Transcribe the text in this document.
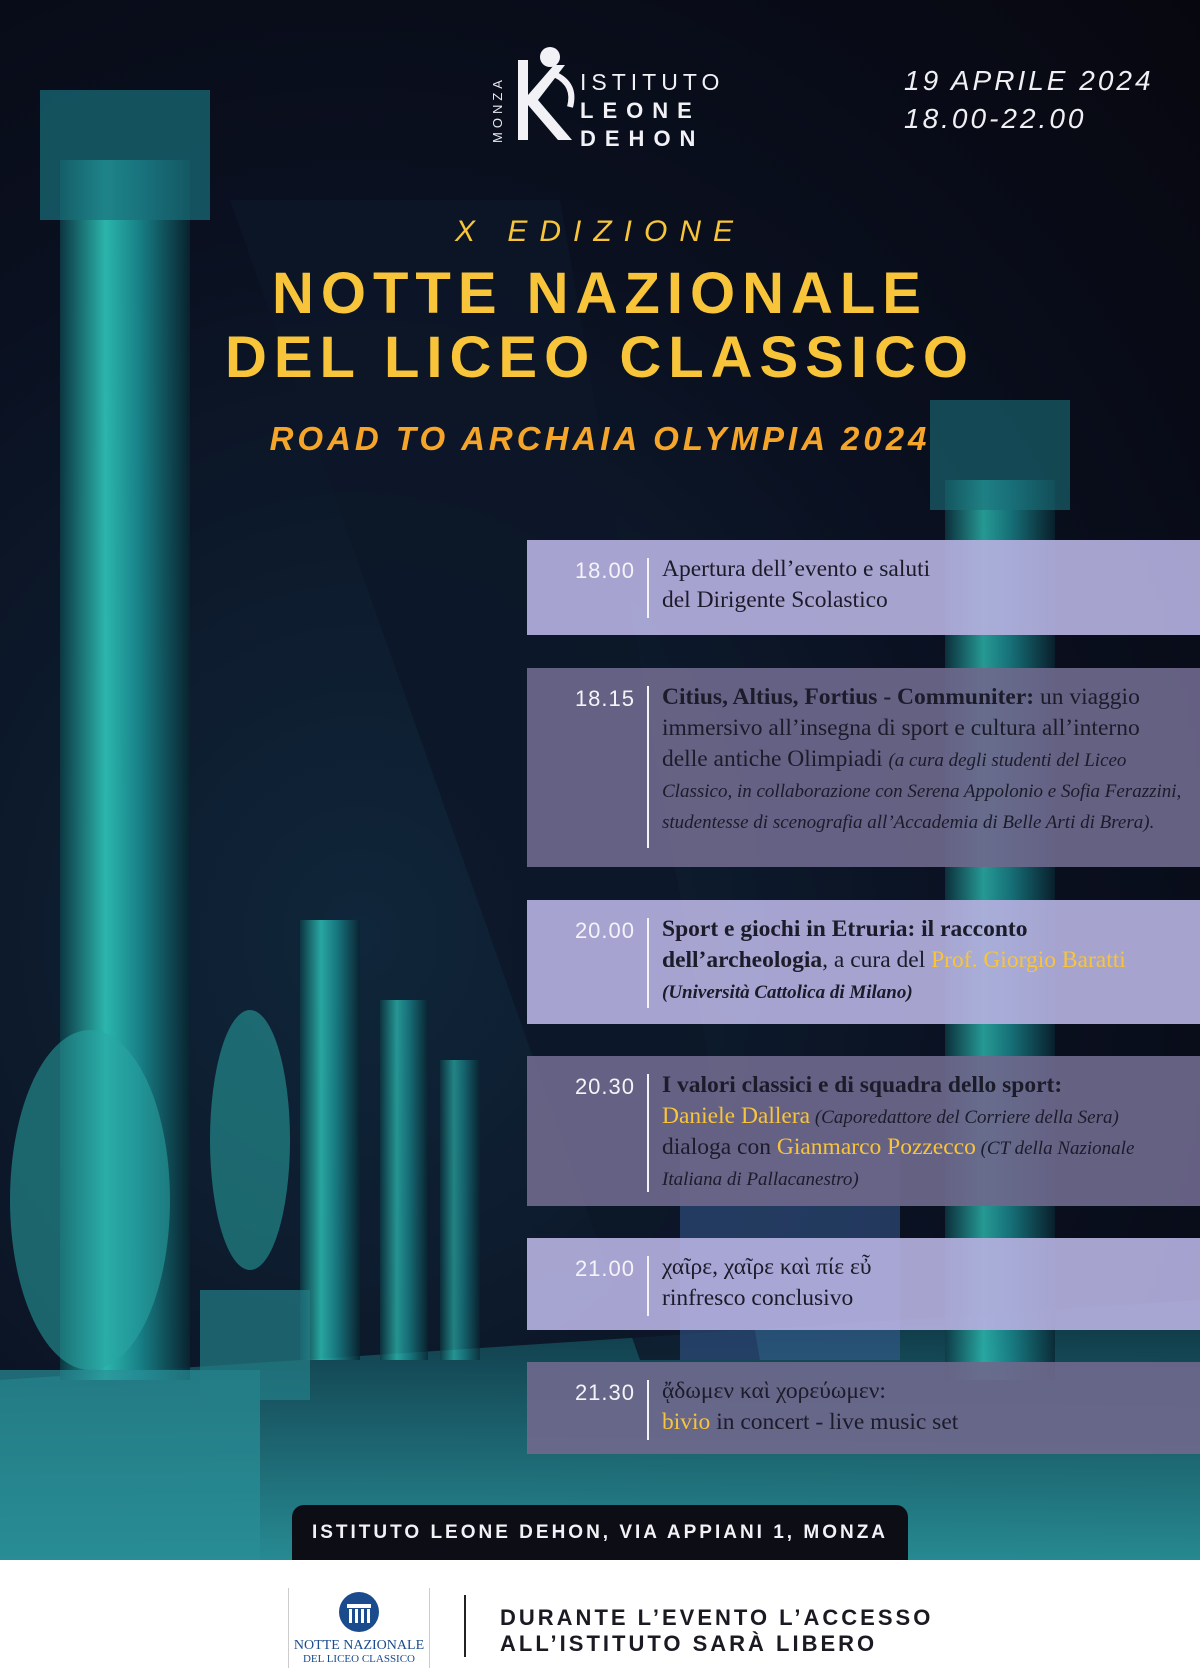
MONZA	ISTITUTO
LEONE
DEHON
19 APRILE 2024
18.00-22.00
X EDIZIONE
NOTTE NAZIONALE
DEL LICEO CLASSICO
ROAD TO ARCHAIA OLYMPIA 2024
18.00 Apertura dell’evento e saluti
del Dirigente Scolastico
18.15 Citius, Altius, Fortius - Communiter: un viaggio immersivo all’insegna di sport e cultura all’interno delle antiche Olimpiadi (a cura degli studenti del Liceo Classico, in collaborazione con Serena Appolonio e Sofia Ferazzini, studentesse di scenografia all’Accademia di Belle Arti di Brera).
20.00 Sport e giochi in Etruria: il racconto dell’archeologia, a cura del Prof. Giorgio Baratti (Università Cattolica di Milano)
20.30 I valori classici e di squadra dello sport:
Daniele Dallera (Caporedattore del Corriere della Sera) dialoga con Gianmarco Pozzecco (CT della Nazionale Italiana di Pallacanestro)
21.00 χαῖρε, χαῖρε καὶ πίε εὖ
rinfresco conclusivo
21.30 ᾄδωμεν καὶ χορεύωμεν:
bivio in concert - live music set
ISTITUTO LEONE DEHON, VIA APPIANI 1, MONZA
NOTTE NAZIONALE
DEL LICEO CLASSICO
DURANTE L’EVENTO L’ACCESSO
ALL’ISTITUTO SARÀ LIBERO
